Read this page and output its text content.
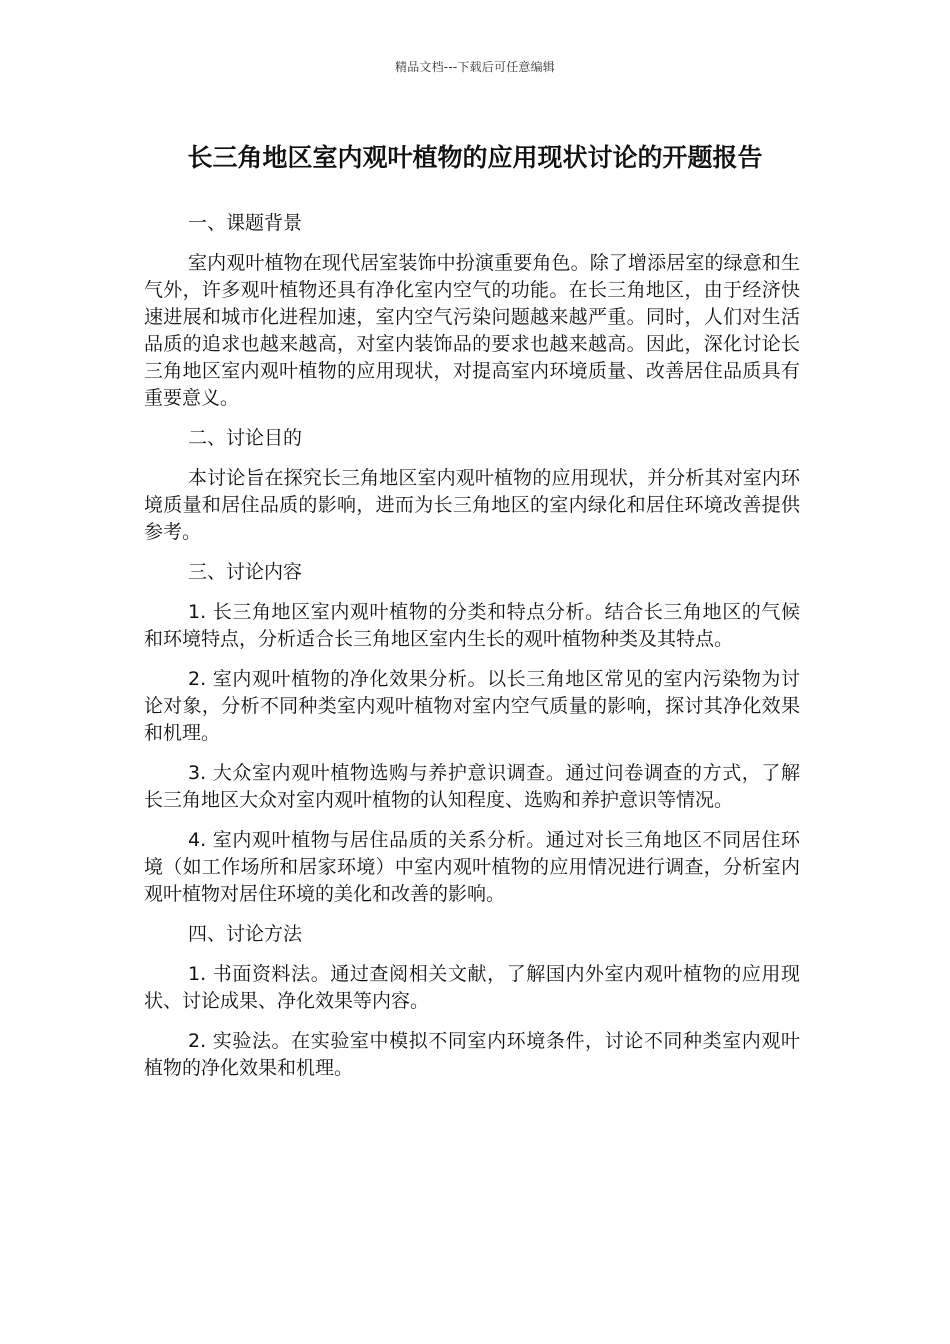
精品文档---下载后可任意编辑
长三角地区室内观叶植物的应用现状讨论的开题报告
一、课题背景

室内观叶植物在现代居室装饰中扮演重要角色。除了增添居室的绿意和生气外，许多观叶植物还具有净化室内空气的功能。在长三角地区，由于经济快速进展和城市化进程加速，室内空气污染问题越来越严重。同时，人们对生活品质的追求也越来越高，对室内装饰品的要求也越来越高。因此，深化讨论长三角地区室内观叶植物的应用现状，对提高室内环境质量、改善居住品质具有重要意义。

二、讨论目的

本讨论旨在探究长三角地区室内观叶植物的应用现状，并分析其对室内环境质量和居住品质的影响，进而为长三角地区的室内绿化和居住环境改善提供参考。

三、讨论内容

1. 长三角地区室内观叶植物的分类和特点分析。结合长三角地区的气候和环境特点，分析适合长三角地区室内生长的观叶植物种类及其特点。

2. 室内观叶植物的净化效果分析。以长三角地区常见的室内污染物为讨论对象，分析不同种类室内观叶植物对室内空气质量的影响，探讨其净化效果和机理。

3. 大众室内观叶植物选购与养护意识调查。通过问卷调查的方式，了解长三角地区大众对室内观叶植物的认知程度、选购和养护意识等情况。

4. 室内观叶植物与居住品质的关系分析。通过对长三角地区不同居住环境（如工作场所和居家环境）中室内观叶植物的应用情况进行调查，分析室内观叶植物对居住环境的美化和改善的影响。

四、讨论方法

1. 书面资料法。通过查阅相关文献，了解国内外室内观叶植物的应用现状、讨论成果、净化效果等内容。

2. 实验法。在实验室中模拟不同室内环境条件，讨论不同种类室内观叶植物的净化效果和机理。
